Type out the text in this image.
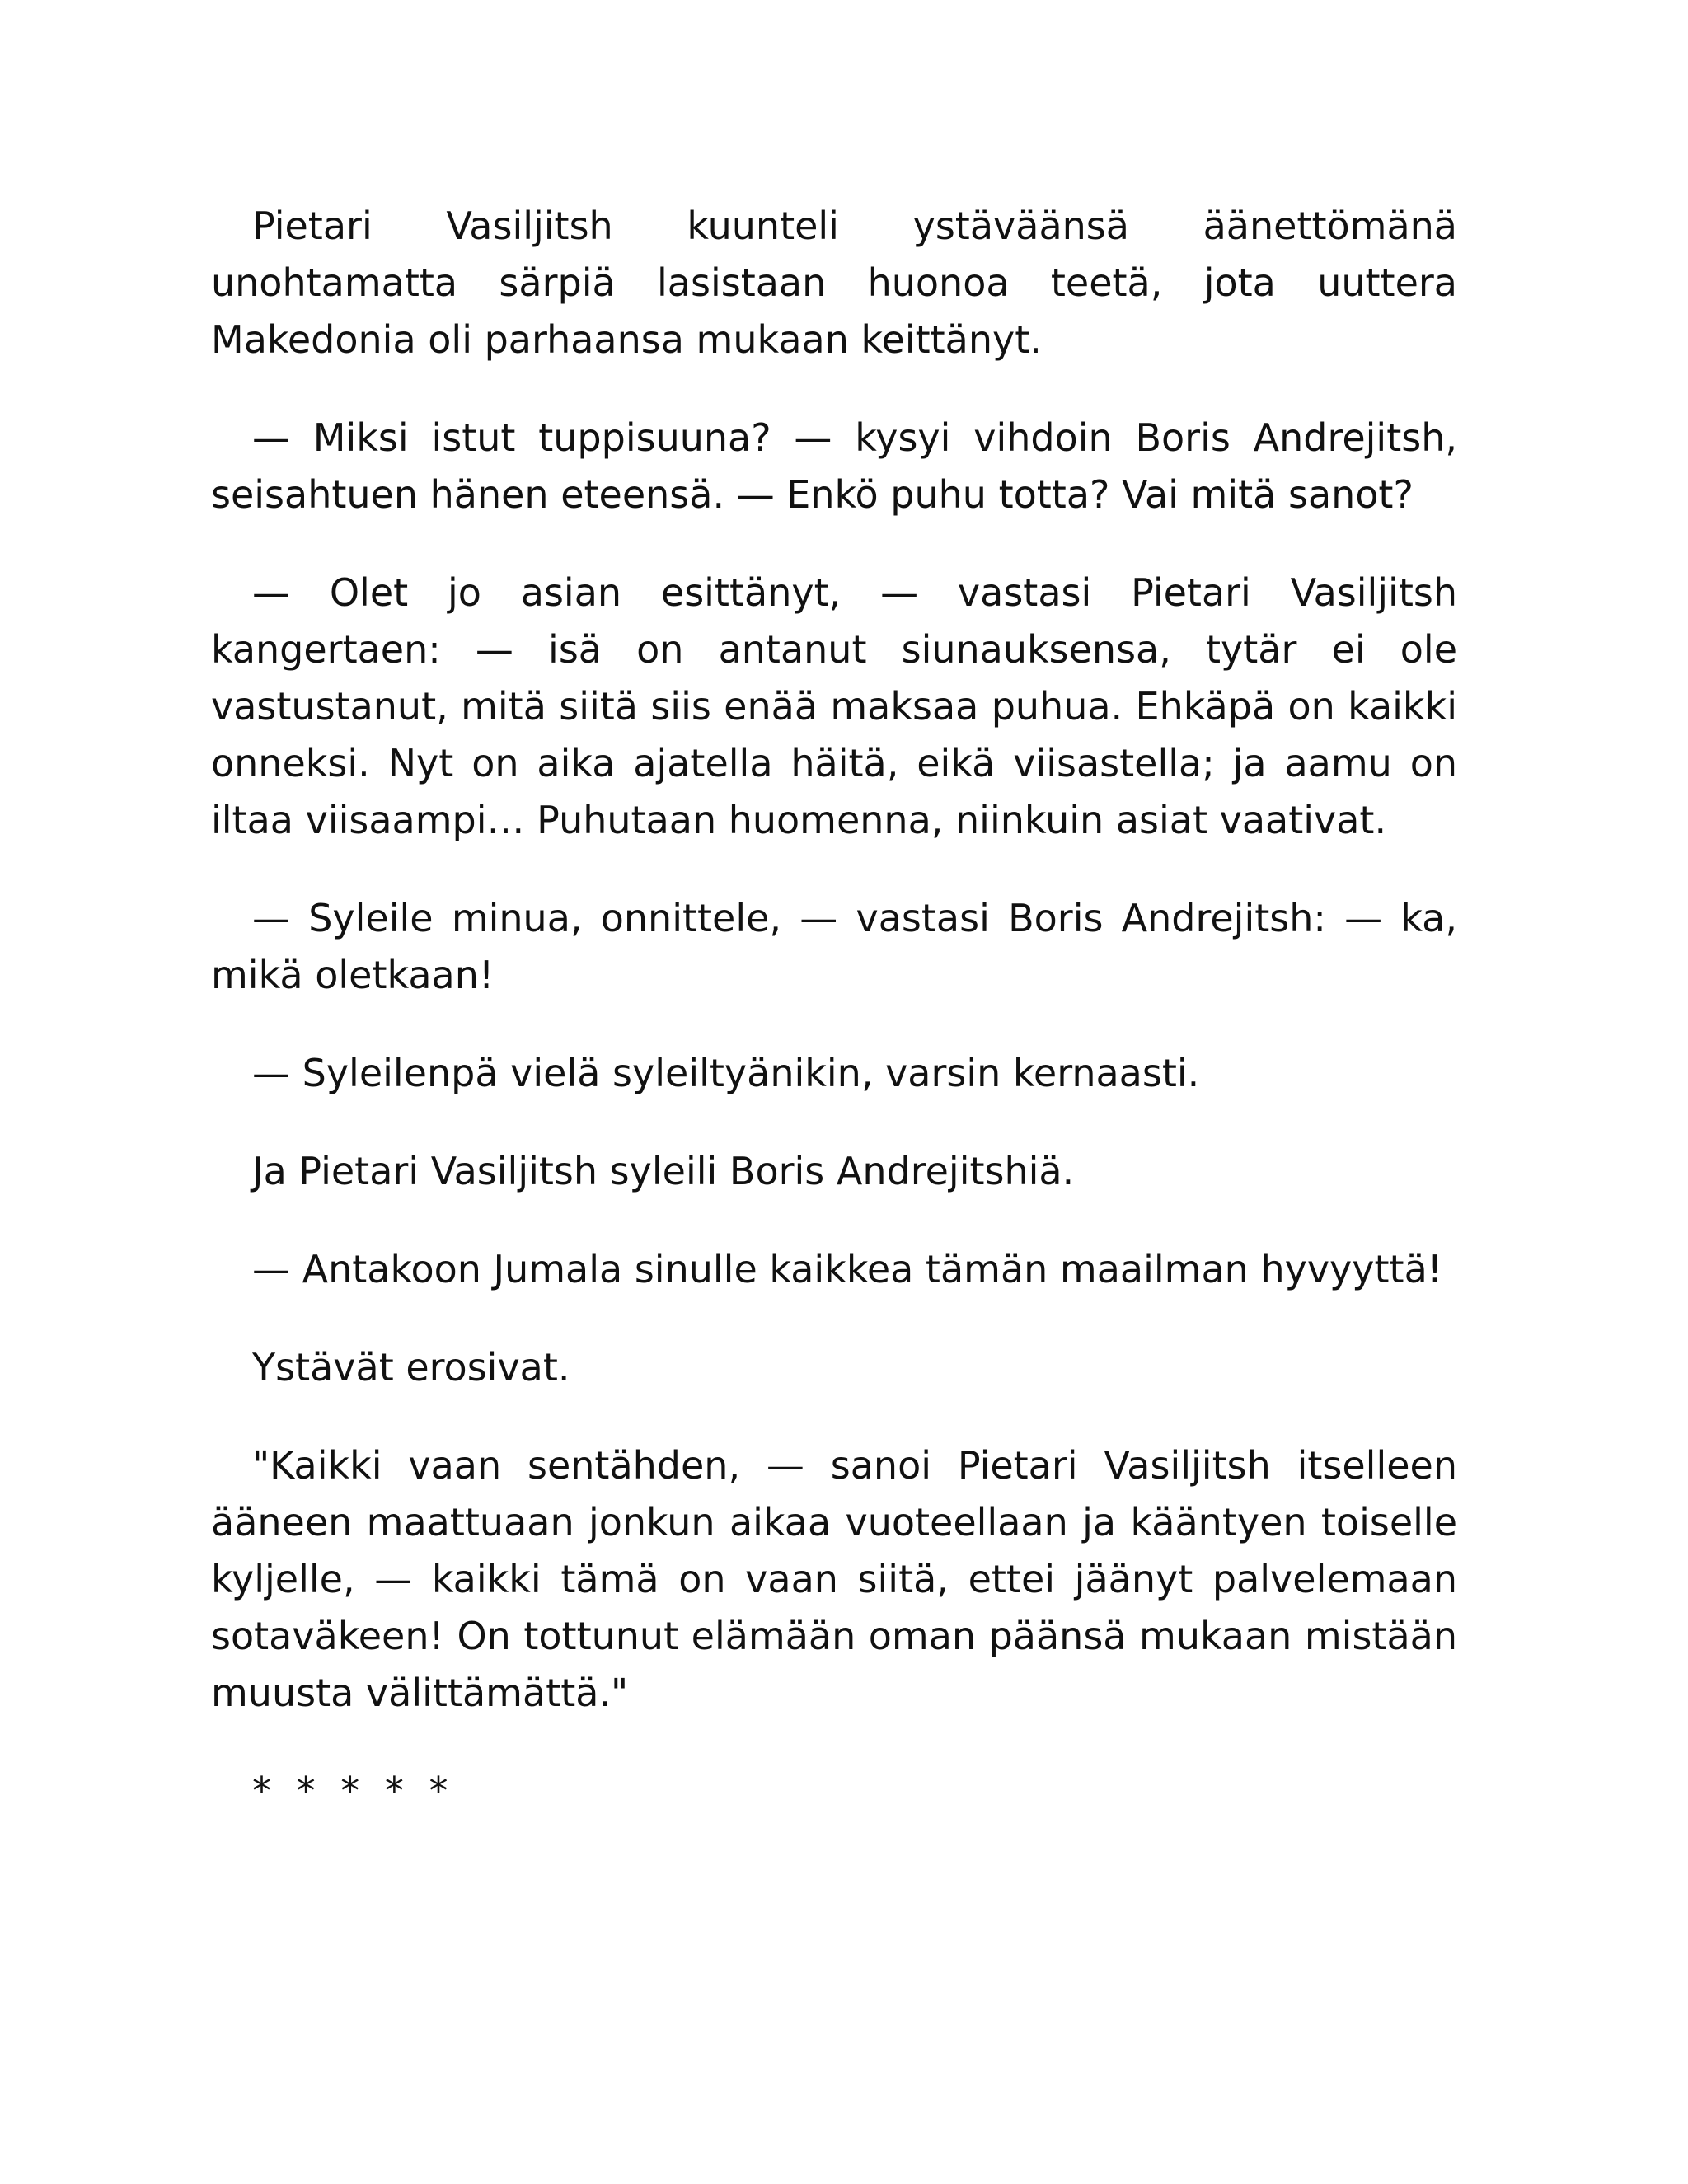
Pietari Vasiljitsh kuunteli ystäväänsä äänettömänä unohtamatta särpiä lasistaan huonoa teetä, jota uuttera Makedonia oli parhaansa mukaan keittänyt.

— Miksi istut tuppisuuna? — kysyi vihdoin Boris Andrejitsh, seisahtuen hänen eteensä. — Enkö puhu totta? Vai mitä sanot?

— Olet jo asian esittänyt, — vastasi Pietari Vasiljitsh kangertaen: — isä on antanut siunauksensa, tytär ei ole vastustanut, mitä siitä siis enää maksaa puhua. Ehkäpä on kaikki onneksi. Nyt on aika ajatella häitä, eikä viisastella; ja aamu on iltaa viisaampi… Puhutaan huomenna, niinkuin asiat vaativat.

— Syleile minua, onnittele, — vastasi Boris Andrejitsh: — ka, mikä oletkaan!

— Syleilenpä vielä syleiltyänikin, varsin kernaasti.

Ja Pietari Vasiljitsh syleili Boris Andrejitshiä.

— Antakoon Jumala sinulle kaikkea tämän maailman hyvyyttä!

Ystävät erosivat.

"Kaikki vaan sentähden, — sanoi Pietari Vasiljitsh itselleen ääneen maattuaan jonkun aikaa vuoteellaan ja kääntyen toiselle kyljelle, — kaikki tämä on vaan siitä, ettei jäänyt palvelemaan sotaväkeen! On tottunut elämään oman päänsä mukaan mistään muusta välittämättä."

* * * * *
